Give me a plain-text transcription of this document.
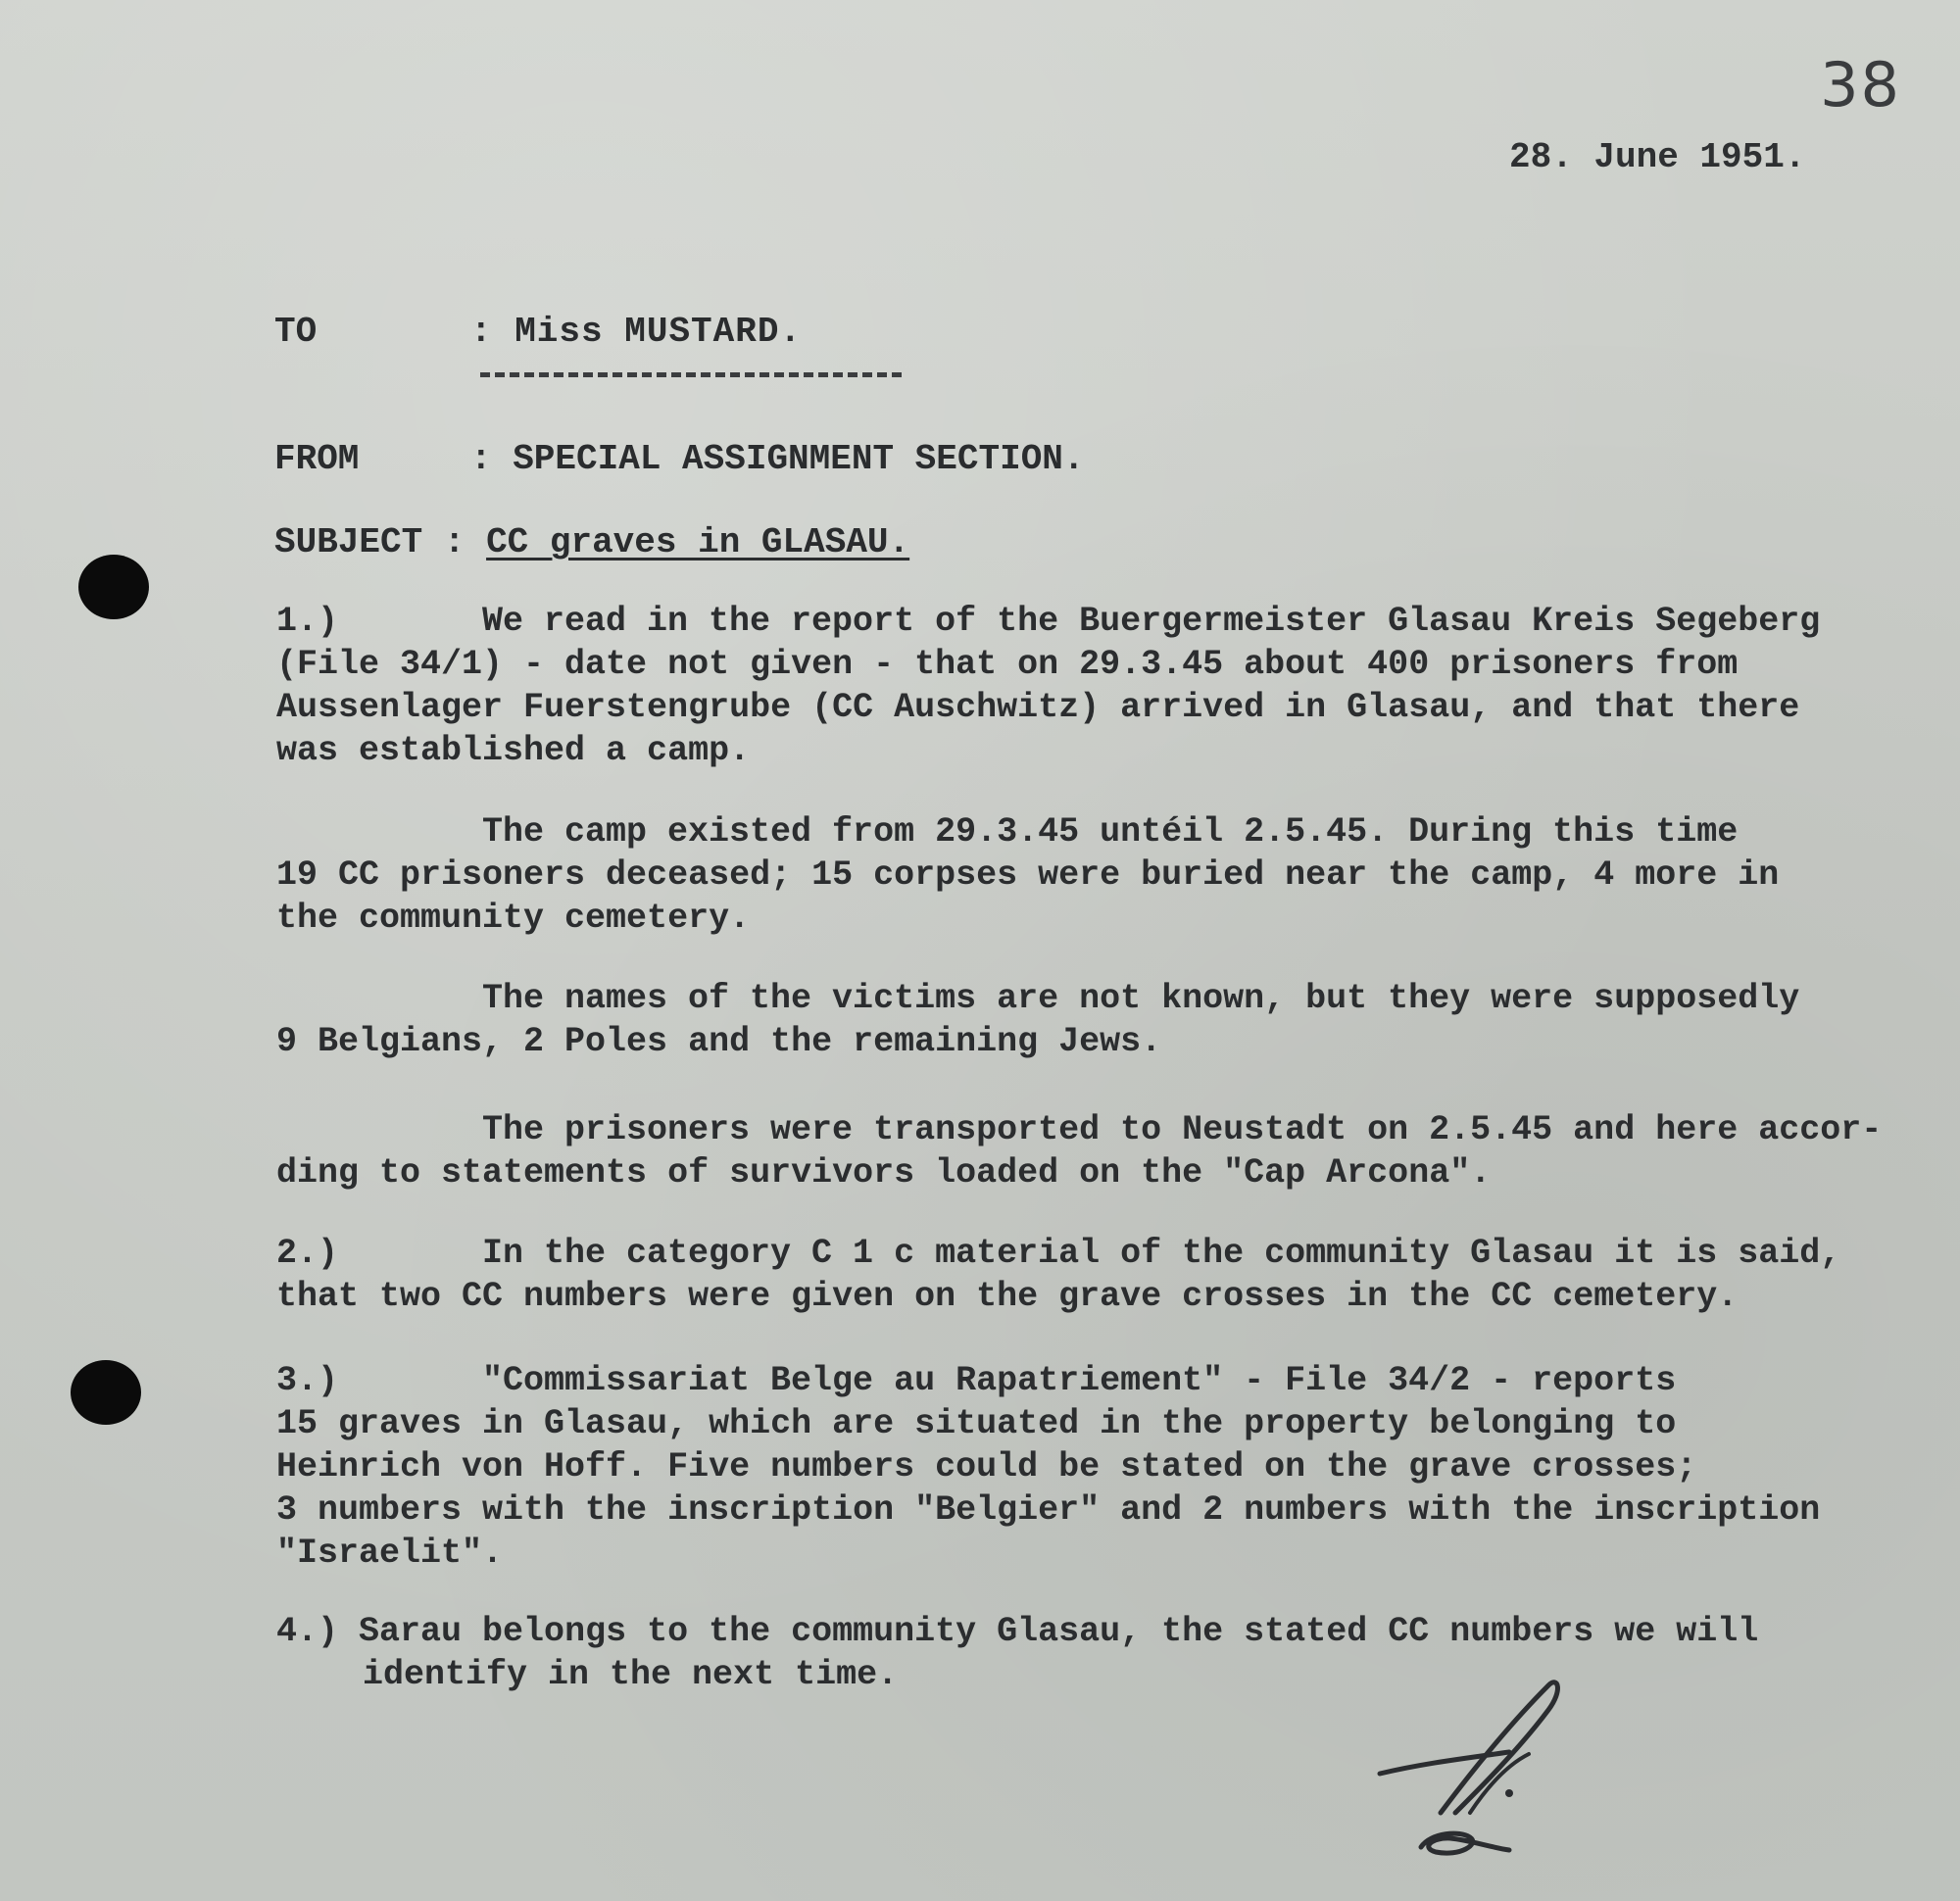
38
28. June 1951.
TO	: Miss MUSTARD.
FROM	: SPECIAL ASSIGNMENT SECTION.
SUBJECT : CC graves in GLASAU.
1.)	We read in the report of the Buergermeister Glasau Kreis Segeberg
(File 34/1) - date not given - that on 29.3.45 about 400 prisoners from
Aussenlager Fuerstengrube (CC Auschwitz) arrived in Glasau, and that there
was established a camp.
The camp existed from 29.3.45 untéil 2.5.45. During this time
19 CC prisoners deceased; 15 corpses were buried near the camp, 4 more in
the community cemetery.
The names of the victims are not known, but they were supposedly
9 Belgians, 2 Poles and the remaining Jews.
The prisoners were transported to Neustadt on 2.5.45 and here accor-
ding to statements of survivors loaded on the "Cap Arcona".
2.)	In the category C 1 c material of the community Glasau it is said,
that two CC numbers were given on the grave crosses in the CC cemetery.
3.)	"Commissariat Belge au Rapatriement" - File 34/2 - reports
15 graves in Glasau, which are situated in the property belonging to
Heinrich von Hoff. Five numbers could be stated on the grave crosses;
3 numbers with the inscription "Belgier" and 2 numbers with the inscription
"Israelit".
4.) Sarau belongs to the community Glasau, the stated CC numbers we will
identify in the next time.
